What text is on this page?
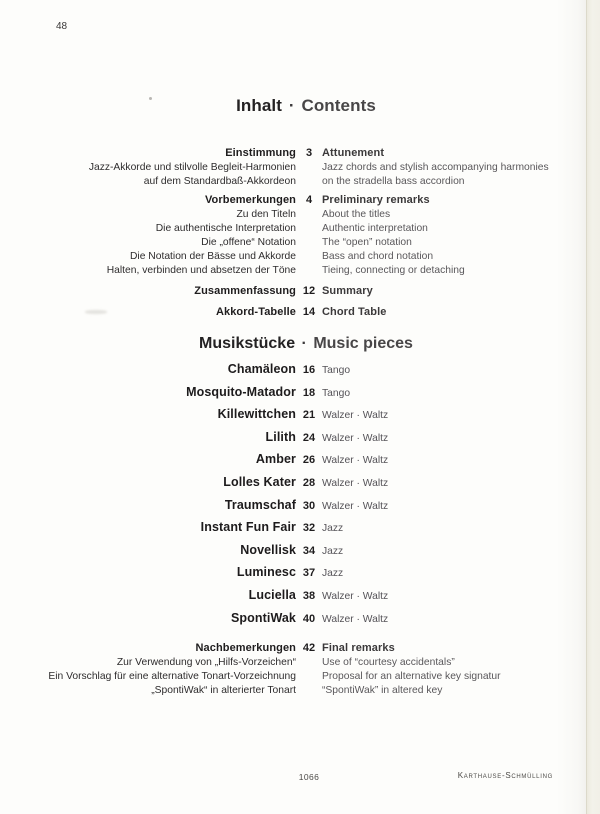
48
Inhalt · Contents
Einstimmung 3 Attunement
Jazz-Akkorde und stilvolle Begleit-Harmonien	Jazz chords and stylish accompanying harmonies
auf dem Standardbaß-Akkordeon	on the stradella bass accordion
Vorbemerkungen 4 Preliminary remarks
Zu den Titeln	About the titles
Die authentische Interpretation	Authentic interpretation
Die „offene“ Notation	The “open” notation
Die Notation der Bässe und Akkorde	Bass and chord notation
Halten, verbinden und absetzen der Töne	Tieing, connecting or detaching
Zusammenfassung 12 Summary
Akkord-Tabelle 14 Chord Table
Musikstücke · Music pieces
Chamäleon 16 Tango
Mosquito-Matador 18 Tango
Killewittchen 21 Walzer · Waltz
Lilith 24 Walzer · Waltz
Amber 26 Walzer · Waltz
Lolles Kater 28 Walzer · Waltz
Traumschaf 30 Walzer · Waltz
Instant Fun Fair 32 Jazz
Novellisk 34 Jazz
Luminesc 37 Jazz
Luciella 38 Walzer · Waltz
SpontiWak 40 Walzer · Waltz
Nachbemerkungen 42 Final remarks
Zur Verwendung von „Hilfs-Vorzeichen“	Use of “courtesy accidentals”
Ein Vorschlag für eine alternative Tonart-Vorzeichnung	Proposal for an alternative key signatur
„SpontiWak“ in alterierter Tonart	“SpontiWak” in altered key
1066	Karthause-Schmülling
